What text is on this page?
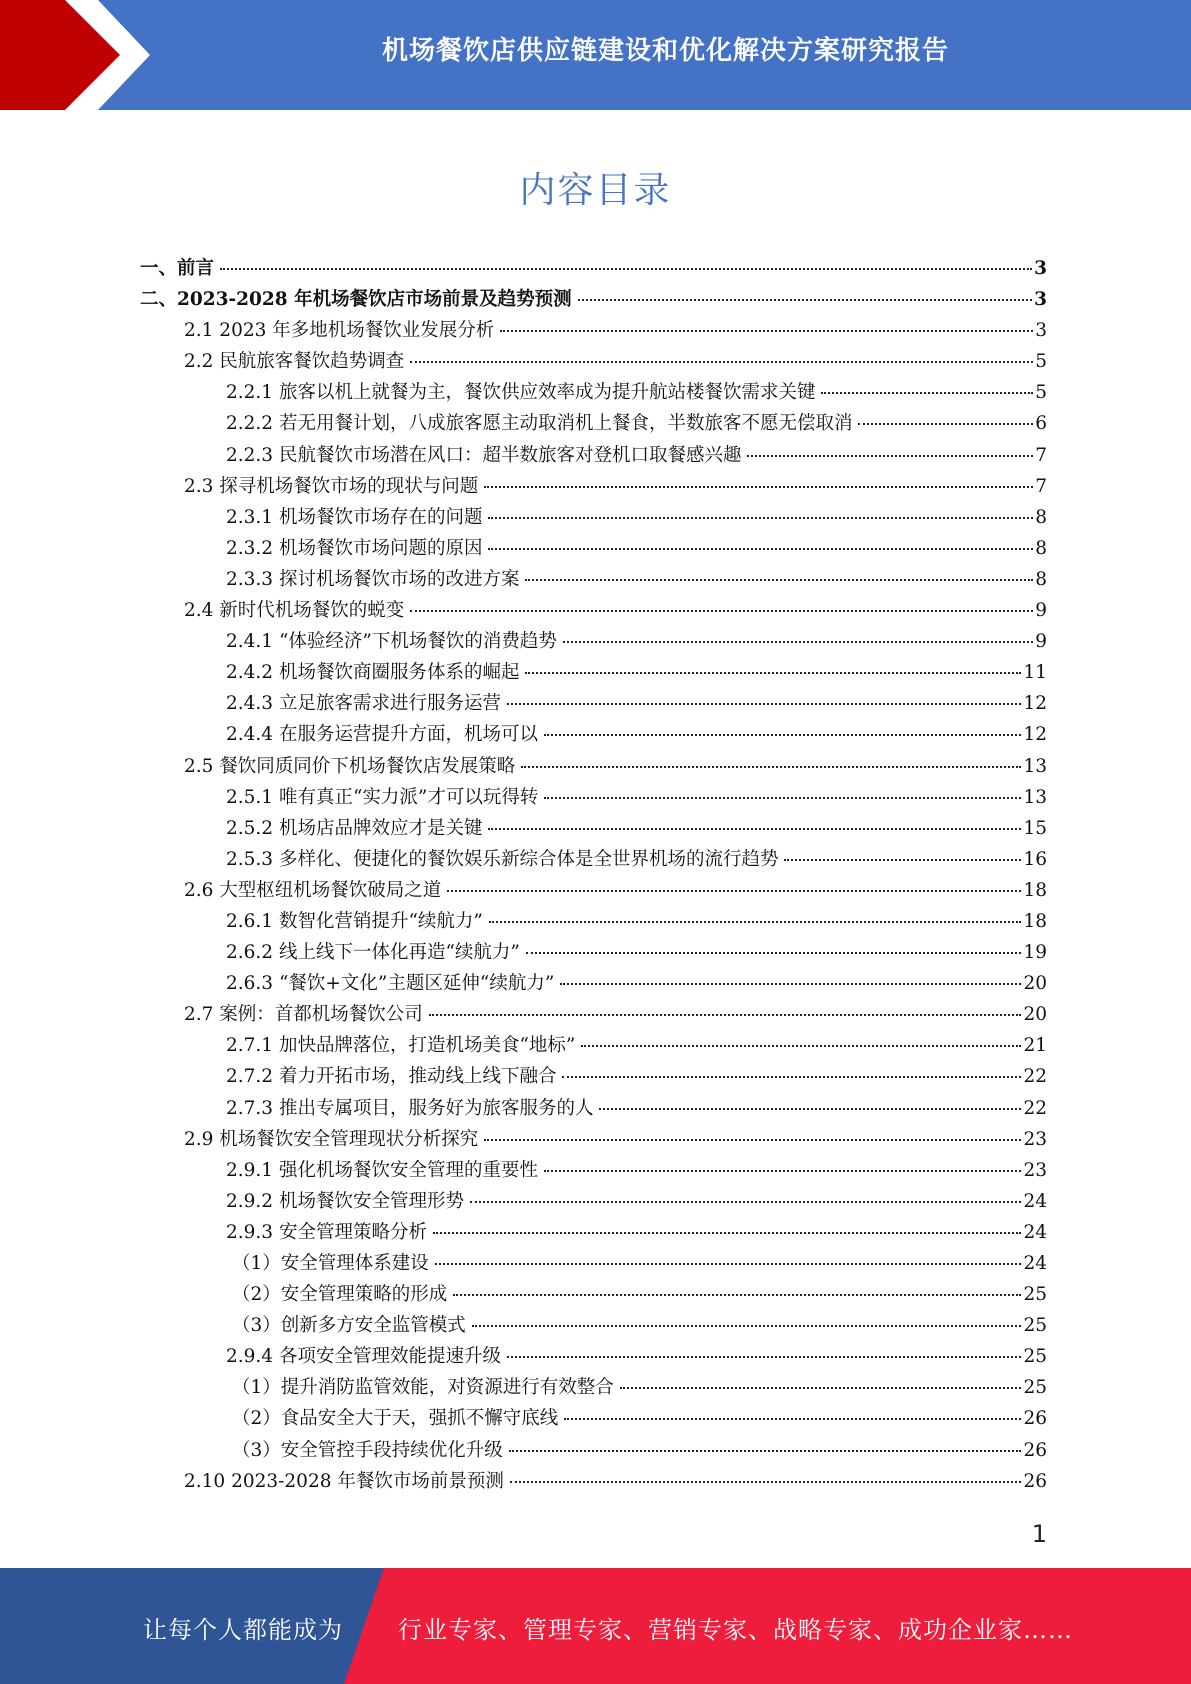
机场餐饮店供应链建设和优化解决方案研究报告
内容目录
一、前言	3
二、2023-2028 年机场餐饮店市场前景及趋势预测	3
2.1 2023 年多地机场餐饮业发展分析	3
2.2 民航旅客餐饮趋势调查	5
2.2.1 旅客以机上就餐为主，餐饮供应效率成为提升航站楼餐饮需求关键	5
2.2.2 若无用餐计划，八成旅客愿主动取消机上餐食，半数旅客不愿无偿取消	6
2.2.3 民航餐饮市场潜在风口：超半数旅客对登机口取餐感兴趣	7
2.3 探寻机场餐饮市场的现状与问题	7
2.3.1 机场餐饮市场存在的问题	8
2.3.2 机场餐饮市场问题的原因	8
2.3.3 探讨机场餐饮市场的改进方案	8
2.4 新时代机场餐饮的蜕变	9
2.4.1 “体验经济”下机场餐饮的消费趋势	9
2.4.2 机场餐饮商圈服务体系的崛起	11
2.4.3 立足旅客需求进行服务运营	12
2.4.4 在服务运营提升方面，机场可以	12
2.5 餐饮同质同价下机场餐饮店发展策略	13
2.5.1 唯有真正“实力派”才可以玩得转	13
2.5.2 机场店品牌效应才是关键	15
2.5.3 多样化、便捷化的餐饮娱乐新综合体是全世界机场的流行趋势	16
2.6 大型枢纽机场餐饮破局之道	18
2.6.1 数智化营销提升“续航力”	18
2.6.2 线上线下一体化再造“续航力”	19
2.6.3 “餐饮+文化”主题区延伸“续航力”	20
2.7 案例：首都机场餐饮公司	20
2.7.1 加快品牌落位，打造机场美食“地标”	21
2.7.2 着力开拓市场，推动线上线下融合	22
2.7.3 推出专属项目，服务好为旅客服务的人	22
2.9 机场餐饮安全管理现状分析探究	23
2.9.1 强化机场餐饮安全管理的重要性	23
2.9.2 机场餐饮安全管理形势	24
2.9.3 安全管理策略分析	24
（1）安全管理体系建设	24
（2）安全管理策略的形成	25
（3）创新多方安全监管模式	25
2.9.4 各项安全管理效能提速升级	25
（1）提升消防监管效能，对资源进行有效整合	25
（2）食品安全大于天，强抓不懈守底线	26
（3）安全管控手段持续优化升级	26
2.10 2023-2028 年餐饮市场前景预测	26
1
让每个人都能成为 行业专家、管理专家、营销专家、战略专家、成功企业家……
